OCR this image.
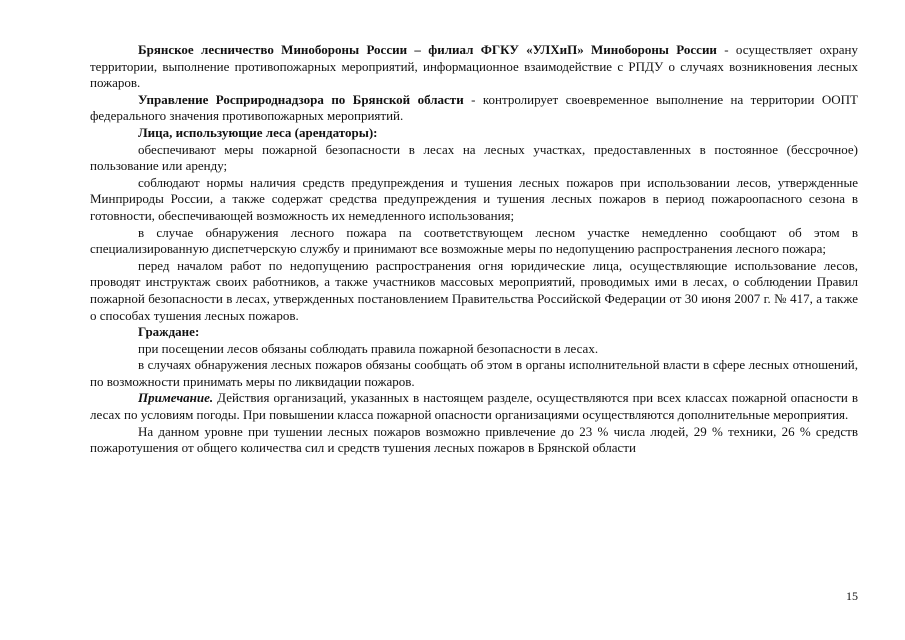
Брянское лесничество Минобороны России – филиал ФГКУ «УЛХиП» Минобороны России - осуществляет охрану территории, выполнение противопожарных мероприятий, информационное взаимодействие с РПДУ о случаях возникновения лесных пожаров.

Управление Росприроднадзора по Брянской области - контролирует своевременное выполнение на территории ООПТ федерального значения противопожарных мероприятий.

Лица, использующие леса (арендаторы):

обеспечивают меры пожарной безопасности в лесах на лесных участках, предоставленных в постоянное (бессрочное) пользование или аренду;

соблюдают нормы наличия средств предупреждения и тушения лесных пожаров при использовании лесов, утвержденные Минприроды России, а также содержат средства предупреждения и тушения лесных пожаров в период пожароопасного сезона в готовности, обеспечивающей возможность их немедленного использования;

в случае обнаружения лесного пожара па соответствующем лесном участке немедленно сообщают об этом в специализированную диспетчерскую службу и принимают все возможные меры по недопущению распространения лесного пожара;

перед началом работ по недопущению распространения огня юридические лица, осуществляющие использование лесов, проводят инструктаж своих работников, а также участников массовых мероприятий, проводимых ими в лесах, о соблюдении Правил пожарной безопасности в лесах, утвержденных постановлением Правительства Российской Федерации от 30 июня 2007 г. № 417, а также о способах тушения лесных пожаров.

Граждане:

при посещении лесов обязаны соблюдать правила пожарной безопасности в лесах.

в случаях обнаружения лесных пожаров обязаны сообщать об этом в органы исполнительной власти в сфере лесных отношений, по возможности принимать меры по ликвидации пожаров.

Примечание. Действия организаций, указанных в настоящем разделе, осуществляются при всех классах пожарной опасности в лесах по условиям погоды. При повышении класса пожарной опасности организациями осуществляются дополнительные мероприятия.

На данном уровне при тушении лесных пожаров возможно привлечение до 23 % числа людей, 29 % техники, 26 % средств пожаротушения от общего количества сил и средств тушения лесных пожаров в Брянской области

15
